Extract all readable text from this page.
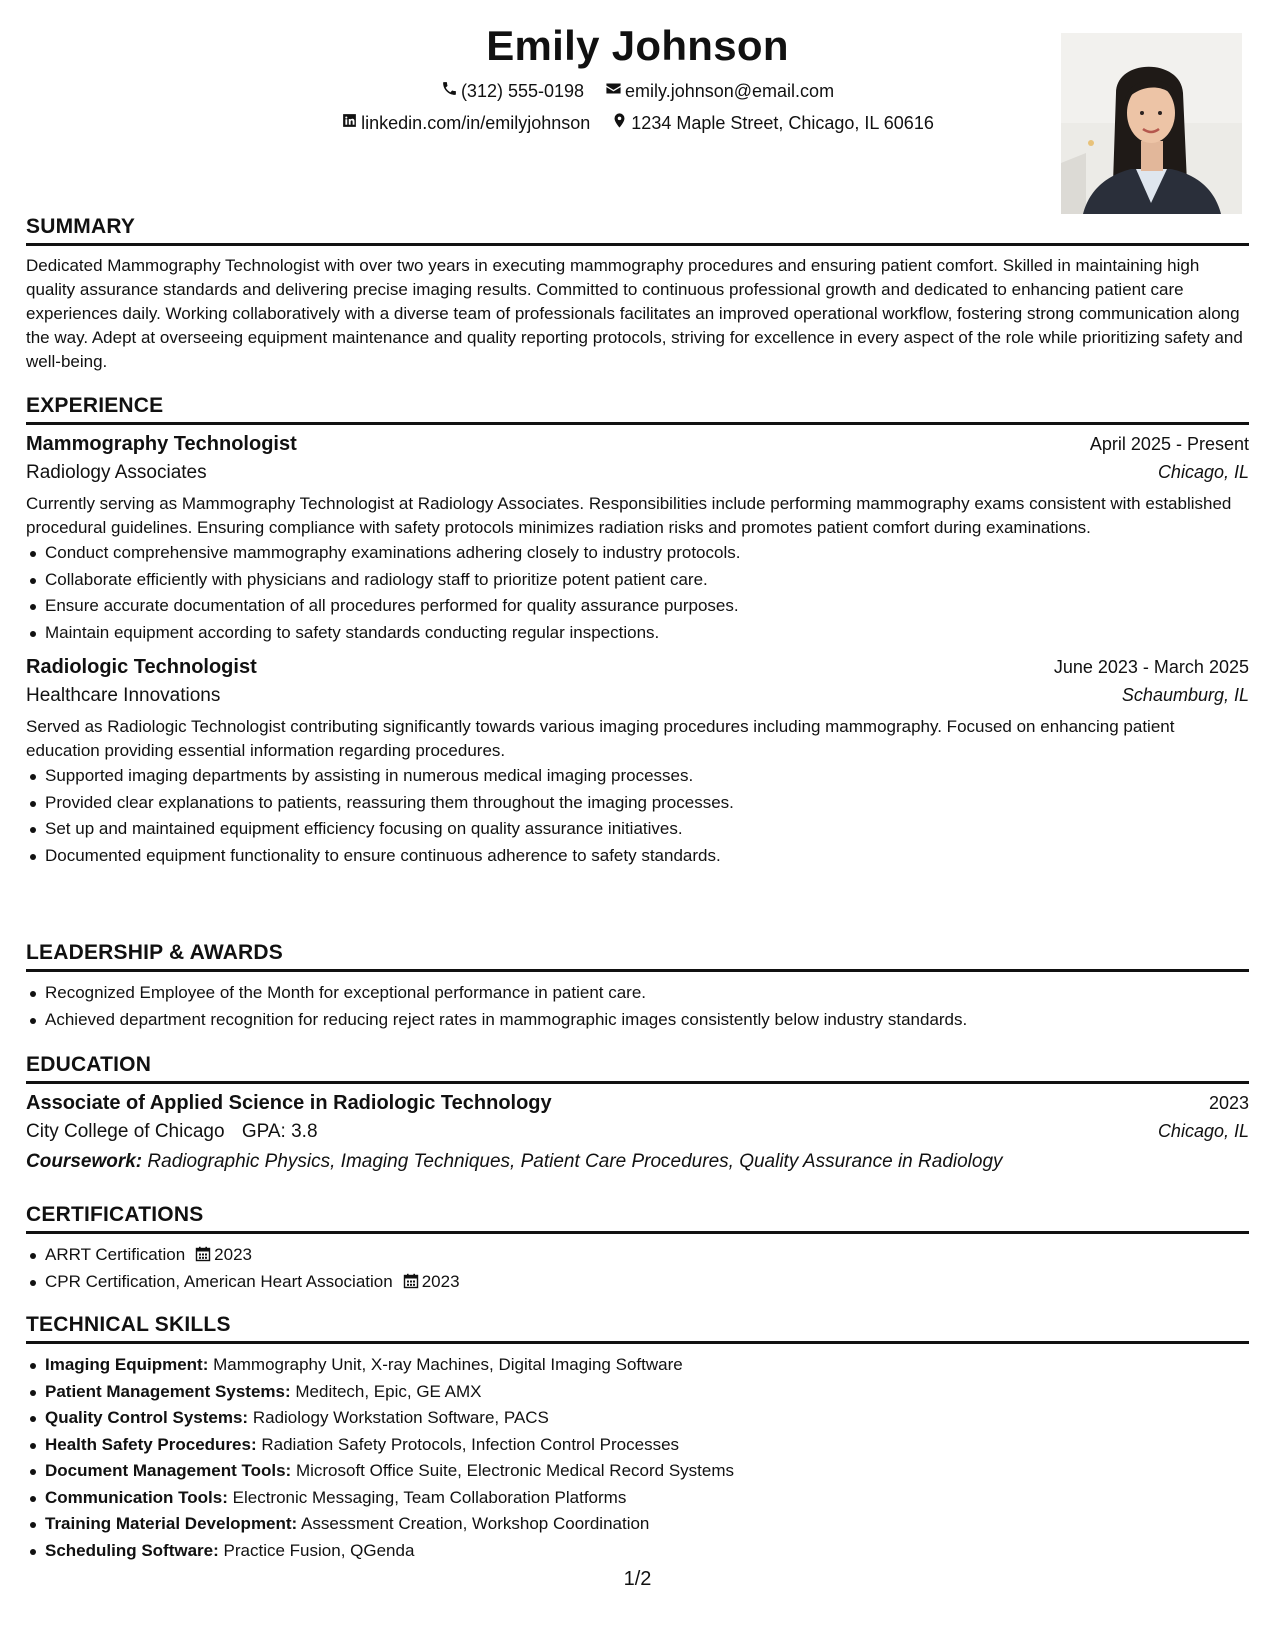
Emily Johnson
(312) 555-0198
emily.johnson@email.com
linkedin.com/in/emilyjohnson
1234 Maple Street, Chicago, IL 60616
SUMMARY
Dedicated Mammography Technologist with over two years in executing mammography procedures and ensuring patient comfort. Skilled in maintaining high quality assurance standards and delivering precise imaging results. Committed to continuous professional growth and dedicated to enhancing patient care experiences daily. Working collaboratively with a diverse team of professionals facilitates an improved operational workflow, fostering strong communication along the way. Adept at overseeing equipment maintenance and quality reporting protocols, striving for excellence in every aspect of the role while prioritizing safety and well-being.
EXPERIENCE
Mammography Technologist	April 2025 - Present
Radiology Associates	Chicago, IL
Currently serving as Mammography Technologist at Radiology Associates. Responsibilities include performing mammography exams consistent with established procedural guidelines. Ensuring compliance with safety protocols minimizes radiation risks and promotes patient comfort during examinations.
Conduct comprehensive mammography examinations adhering closely to industry protocols.
Collaborate efficiently with physicians and radiology staff to prioritize potent patient care.
Ensure accurate documentation of all procedures performed for quality assurance purposes.
Maintain equipment according to safety standards conducting regular inspections.
Radiologic Technologist	June 2023 - March 2025
Healthcare Innovations	Schaumburg, IL
Served as Radiologic Technologist contributing significantly towards various imaging procedures including mammography. Focused on enhancing patient education providing essential information regarding procedures.
Supported imaging departments by assisting in numerous medical imaging processes.
Provided clear explanations to patients, reassuring them throughout the imaging processes.
Set up and maintained equipment efficiency focusing on quality assurance initiatives.
Documented equipment functionality to ensure continuous adherence to safety standards.
LEADERSHIP & AWARDS
Recognized Employee of the Month for exceptional performance in patient care.
Achieved department recognition for reducing reject rates in mammographic images consistently below industry standards.
EDUCATION
Associate of Applied Science in Radiologic Technology	2023
City College of Chicago GPA: 3.8	Chicago, IL
Coursework: Radiographic Physics, Imaging Techniques, Patient Care Procedures, Quality Assurance in Radiology
CERTIFICATIONS
ARRT Certification 2023
CPR Certification, American Heart Association 2023
TECHNICAL SKILLS
Imaging Equipment: Mammography Unit, X-ray Machines, Digital Imaging Software
Patient Management Systems: Meditech, Epic, GE AMX
Quality Control Systems: Radiology Workstation Software, PACS
Health Safety Procedures: Radiation Safety Protocols, Infection Control Processes
Document Management Tools: Microsoft Office Suite, Electronic Medical Record Systems
Communication Tools: Electronic Messaging, Team Collaboration Platforms
Training Material Development: Assessment Creation, Workshop Coordination
Scheduling Software: Practice Fusion, QGenda
1/2
